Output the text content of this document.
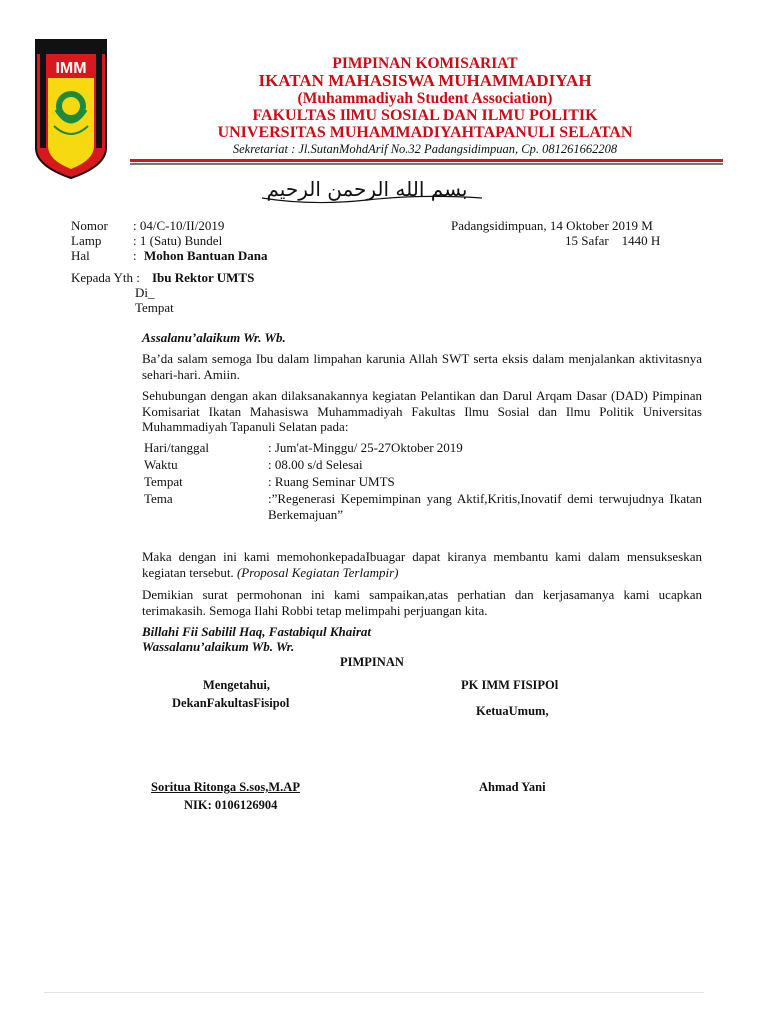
IMM	PIMPINAN KOMISARIAT
IKATAN MAHASISWA MUHAMMADIYAH
(Muhammadiyah Student Association)
FAKULTAS IlMU SOSIAL DAN ILMU POLITIK
UNIVERSITAS MUHAMMADIYAHTAPANULI SELATAN
Sekretariat : Jl.SutanMohdArif No.32 Padangsidimpuan, Cp. 081261662208
بسم الله الرحمن الرحيم
Nomor : 04/C-10/II/2019
Lamp : 1 (Satu) Bundel
Hal	: Mohon Bantuan Dana
Padangsidimpuan, 14 Oktober 2019 M
15 Safar    1440 H
Kepada Yth : Ibu Rektor UMTS
Di_
Tempat
Assalanu’alaikum Wr. Wb.
Ba’da salam semoga Ibu dalam limpahan karunia Allah SWT serta eksis dalam menjalankan aktivitasnya sehari-hari. Amiin.
Sehubungan dengan akan dilaksanakannya kegiatan Pelantikan dan Darul Arqam Dasar (DAD) Pimpinan Komisariat Ikatan Mahasiswa Muhammadiyah Fakultas Ilmu Sosial dan Ilmu Politik Universitas Muhammadiyah Tapanuli Selatan pada:
Hari/tanggal	: Jum'at-Minggu/ 25-27Oktober 2019
Waktu	: 08.00 s/d Selesai
Tempat	: Ruang Seminar UMTS
Tema	:”Regenerasi Kepemimpinan yang Aktif,Kritis,Inovatif demi terwujudnya Ikatan Berkemajuan”
Maka dengan ini kami memohonkepadaIbuagar dapat kiranya membantu kami dalam mensukseskan kegiatan tersebut. (Proposal Kegiatan Terlampir)
Demikian surat permohonan ini kami sampaikan,atas perhatian dan kerjasamanya kami ucapkan terimakasih. Semoga Ilahi Robbi tetap melimpahi perjuangan kita.
Billahi Fii Sabilil Haq, Fastabiqul Khairat
Wassalanu’alaikum Wb. Wr.
PIMPINAN
Mengetahui,
DekanFakultasFisipol
PK IMM FISIPOl
KetuaUmum,
Soritua Ritonga S.sos,M.AP
NIK: 0106126904
Ahmad Yani
